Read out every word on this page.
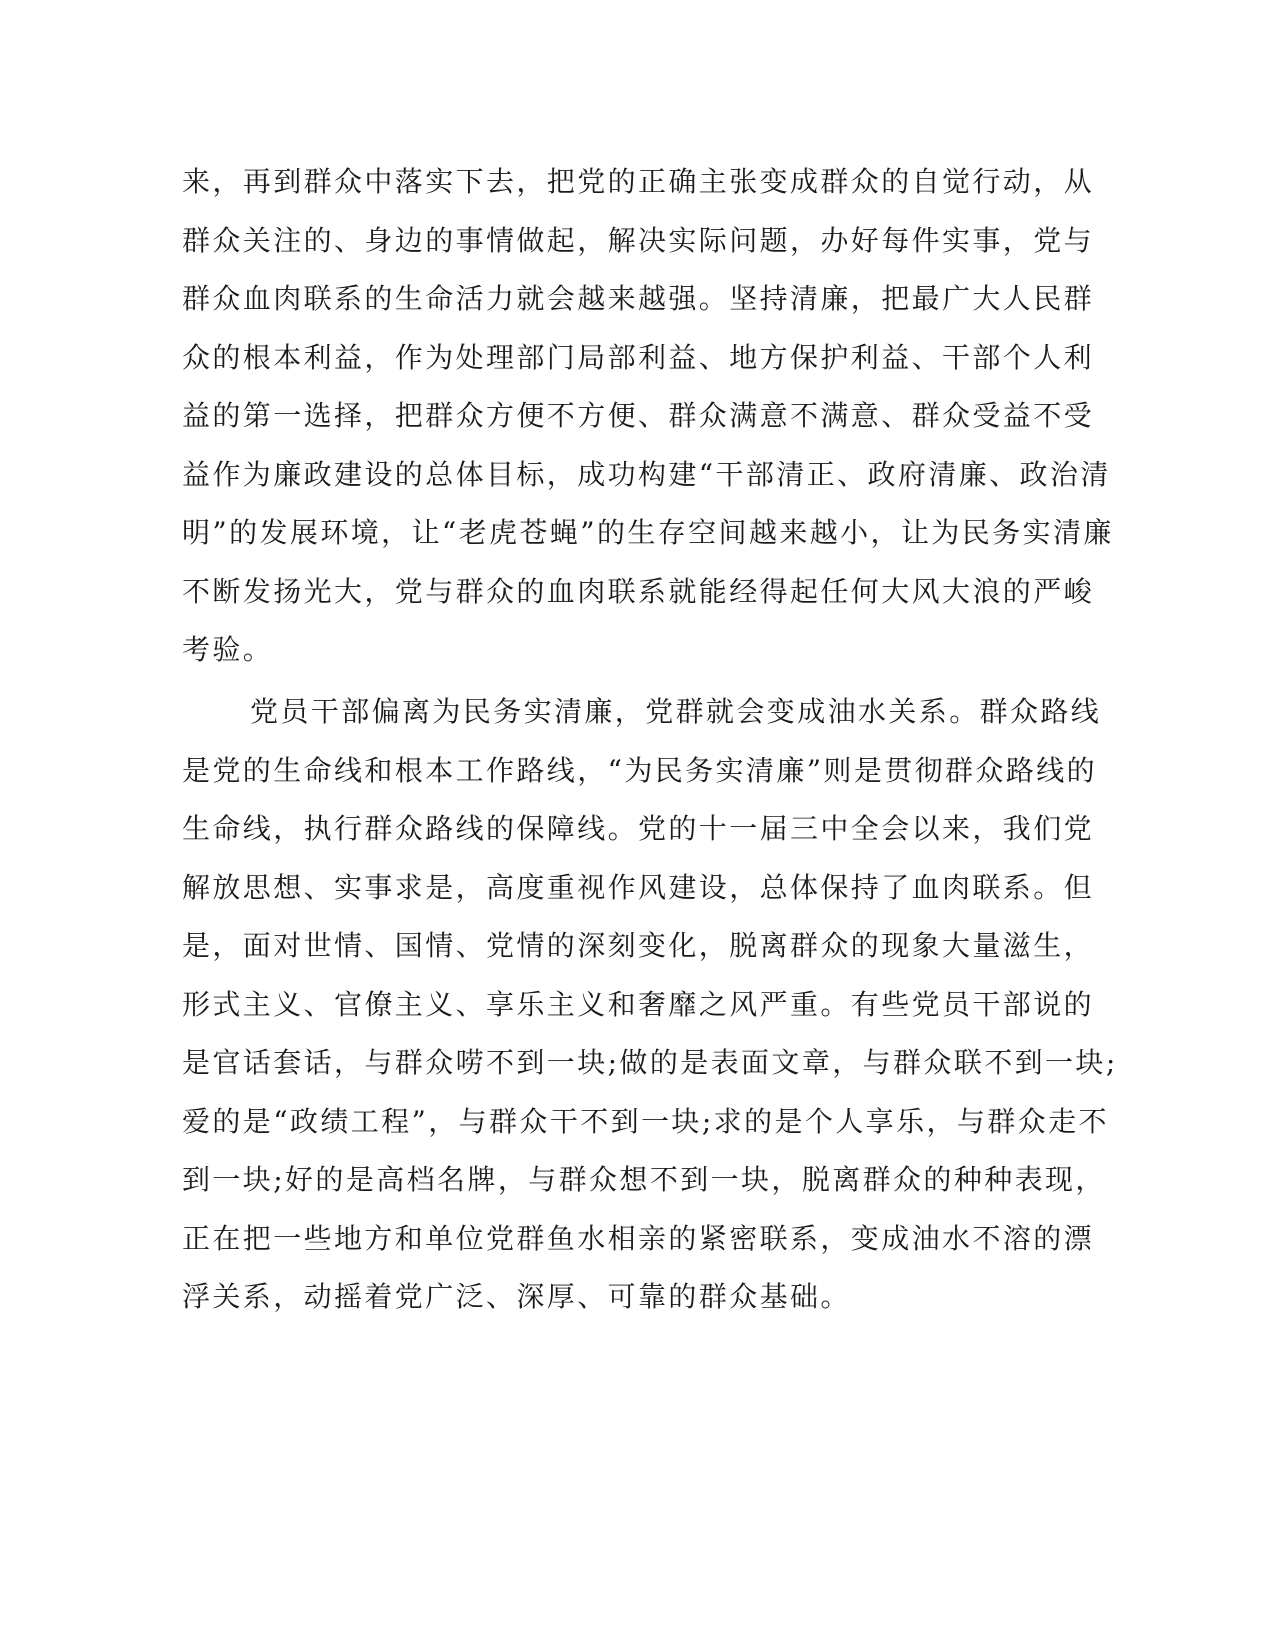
来，再到群众中落实下去，把党的正确主张变成群众的自觉行动，从
群众关注的、身边的事情做起，解决实际问题，办好每件实事，党与
群众血肉联系的生命活力就会越来越强。坚持清廉，把最广大人民群
众的根本利益，作为处理部门局部利益、地方保护利益、干部个人利
益的第一选择，把群众方便不方便、群众满意不满意、群众受益不受
益作为廉政建设的总体目标，成功构建“干部清正、政府清廉、政治清
明”的发展环境，让“老虎苍蝇”的生存空间越来越小，让为民务实清廉
不断发扬光大，党与群众的血肉联系就能经得起任何大风大浪的严峻
考验。

党员干部偏离为民务实清廉，党群就会变成油水关系。群众路线
是党的生命线和根本工作路线，“为民务实清廉”则是贯彻群众路线的
生命线，执行群众路线的保障线。党的十一届三中全会以来，我们党
解放思想、实事求是，高度重视作风建设，总体保持了血肉联系。但
是，面对世情、国情、党情的深刻变化，脱离群众的现象大量滋生，
形式主义、官僚主义、享乐主义和奢靡之风严重。有些党员干部说的
是官话套话，与群众唠不到一块;做的是表面文章，与群众联不到一块;
爱的是“政绩工程”，与群众干不到一块;求的是个人享乐，与群众走不
到一块;好的是高档名牌，与群众想不到一块，脱离群众的种种表现，
正在把一些地方和单位党群鱼水相亲的紧密联系，变成油水不溶的漂
浮关系，动摇着党广泛、深厚、可靠的群众基础。
